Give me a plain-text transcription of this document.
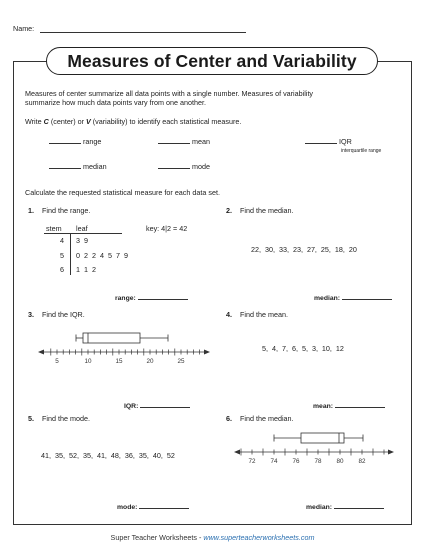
Name:
Measures of Center and Variability
Measures of center summarize all data points with a single number. Measures of variability
summarize how much data points vary from one another.
Write C (center) or V (variability) to identify each statistical measure.
range	mean	IQR
interquartile range
median	mode
Calculate the requested statistical measure for each data set.
1. Find the range.
stem leaf	key: 4|2 = 42
4 3  9
5 0  2  2  4  5  7  9
6 1  1  2
range:
2. Find the median.
22,  30,  33,  23,  27,  25,  18,  20
median:
3. Find the IQR.
5	10	15	20	25
IQR:
4. Find the mean.
5,  4,  7,  6,  5,  3,  10,  12
mean:
5. Find the mode.
41,  35,  52,  35,  41,  48,  36,  35,  40,  52
mode:
6. Find the median.
72 74 76 78 80 82
median:
Super Teacher Worksheets - www.superteacherworksheets.com
